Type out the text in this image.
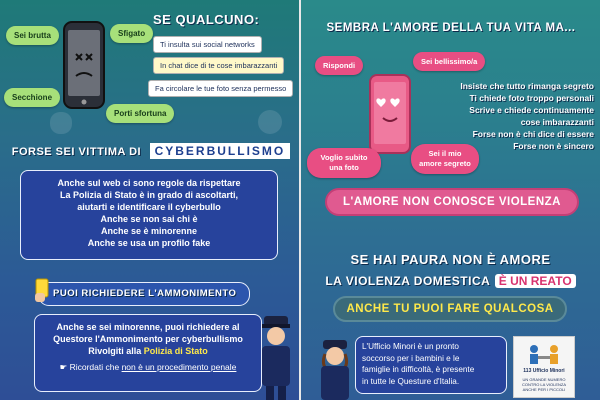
SE QUALCUNO:
Sei brutta	Sfigato
Secchione
Porti sfortuna
Ti insulta sui social networks
In chat dice di te cose imbarazzanti
Fa circolare le tue foto senza permesso
FORSE SEI VITTIMA DI CYBERBULLISMO
Anche sul web ci sono regole da rispettare
La Polizia di Stato è in grado di ascoltarti,
aiutarti e identificare il cyberbullo
Anche se non sai chi è
Anche se è minorenne
Anche se usa un profilo fake
PUOI RICHIEDERE L'AMMONIMENTO
Anche se sei minorenne, puoi richiedere al
Questore l'Ammonimento per cyberbullismo
Rivolgiti alla Polizia di Stato
☛ Ricordati che non è un procedimento penale
SEMBRA L'AMORE DELLA TUA VITA MA...
Rispondi	Sei bellissimo/a
Voglio subito una foto
Sei il mio amore segreto
Insiste che tutto rimanga segreto
Ti chiede foto troppo personali
Scrive e chiede continuamente
cose imbarazzanti
Forse non è chi dice di essere
Forse non è sincero
L'AMORE NON CONOSCE VIOLENZA
SE HAI PAURA NON È AMORE
LA VIOLENZA DOMESTICA È UN REATO
ANCHE TU PUOI FARE QUALCOSA
L'Ufficio Minori è un pronto
soccorso per i bambini e le
famiglie in difficoltà, è presente
in tutte le Questure d'Italia.
113 Ufficio Minori
UN GRANDE NUMERO CONTRO LA VIOLENZA ANCHE PER I PICCOLI
